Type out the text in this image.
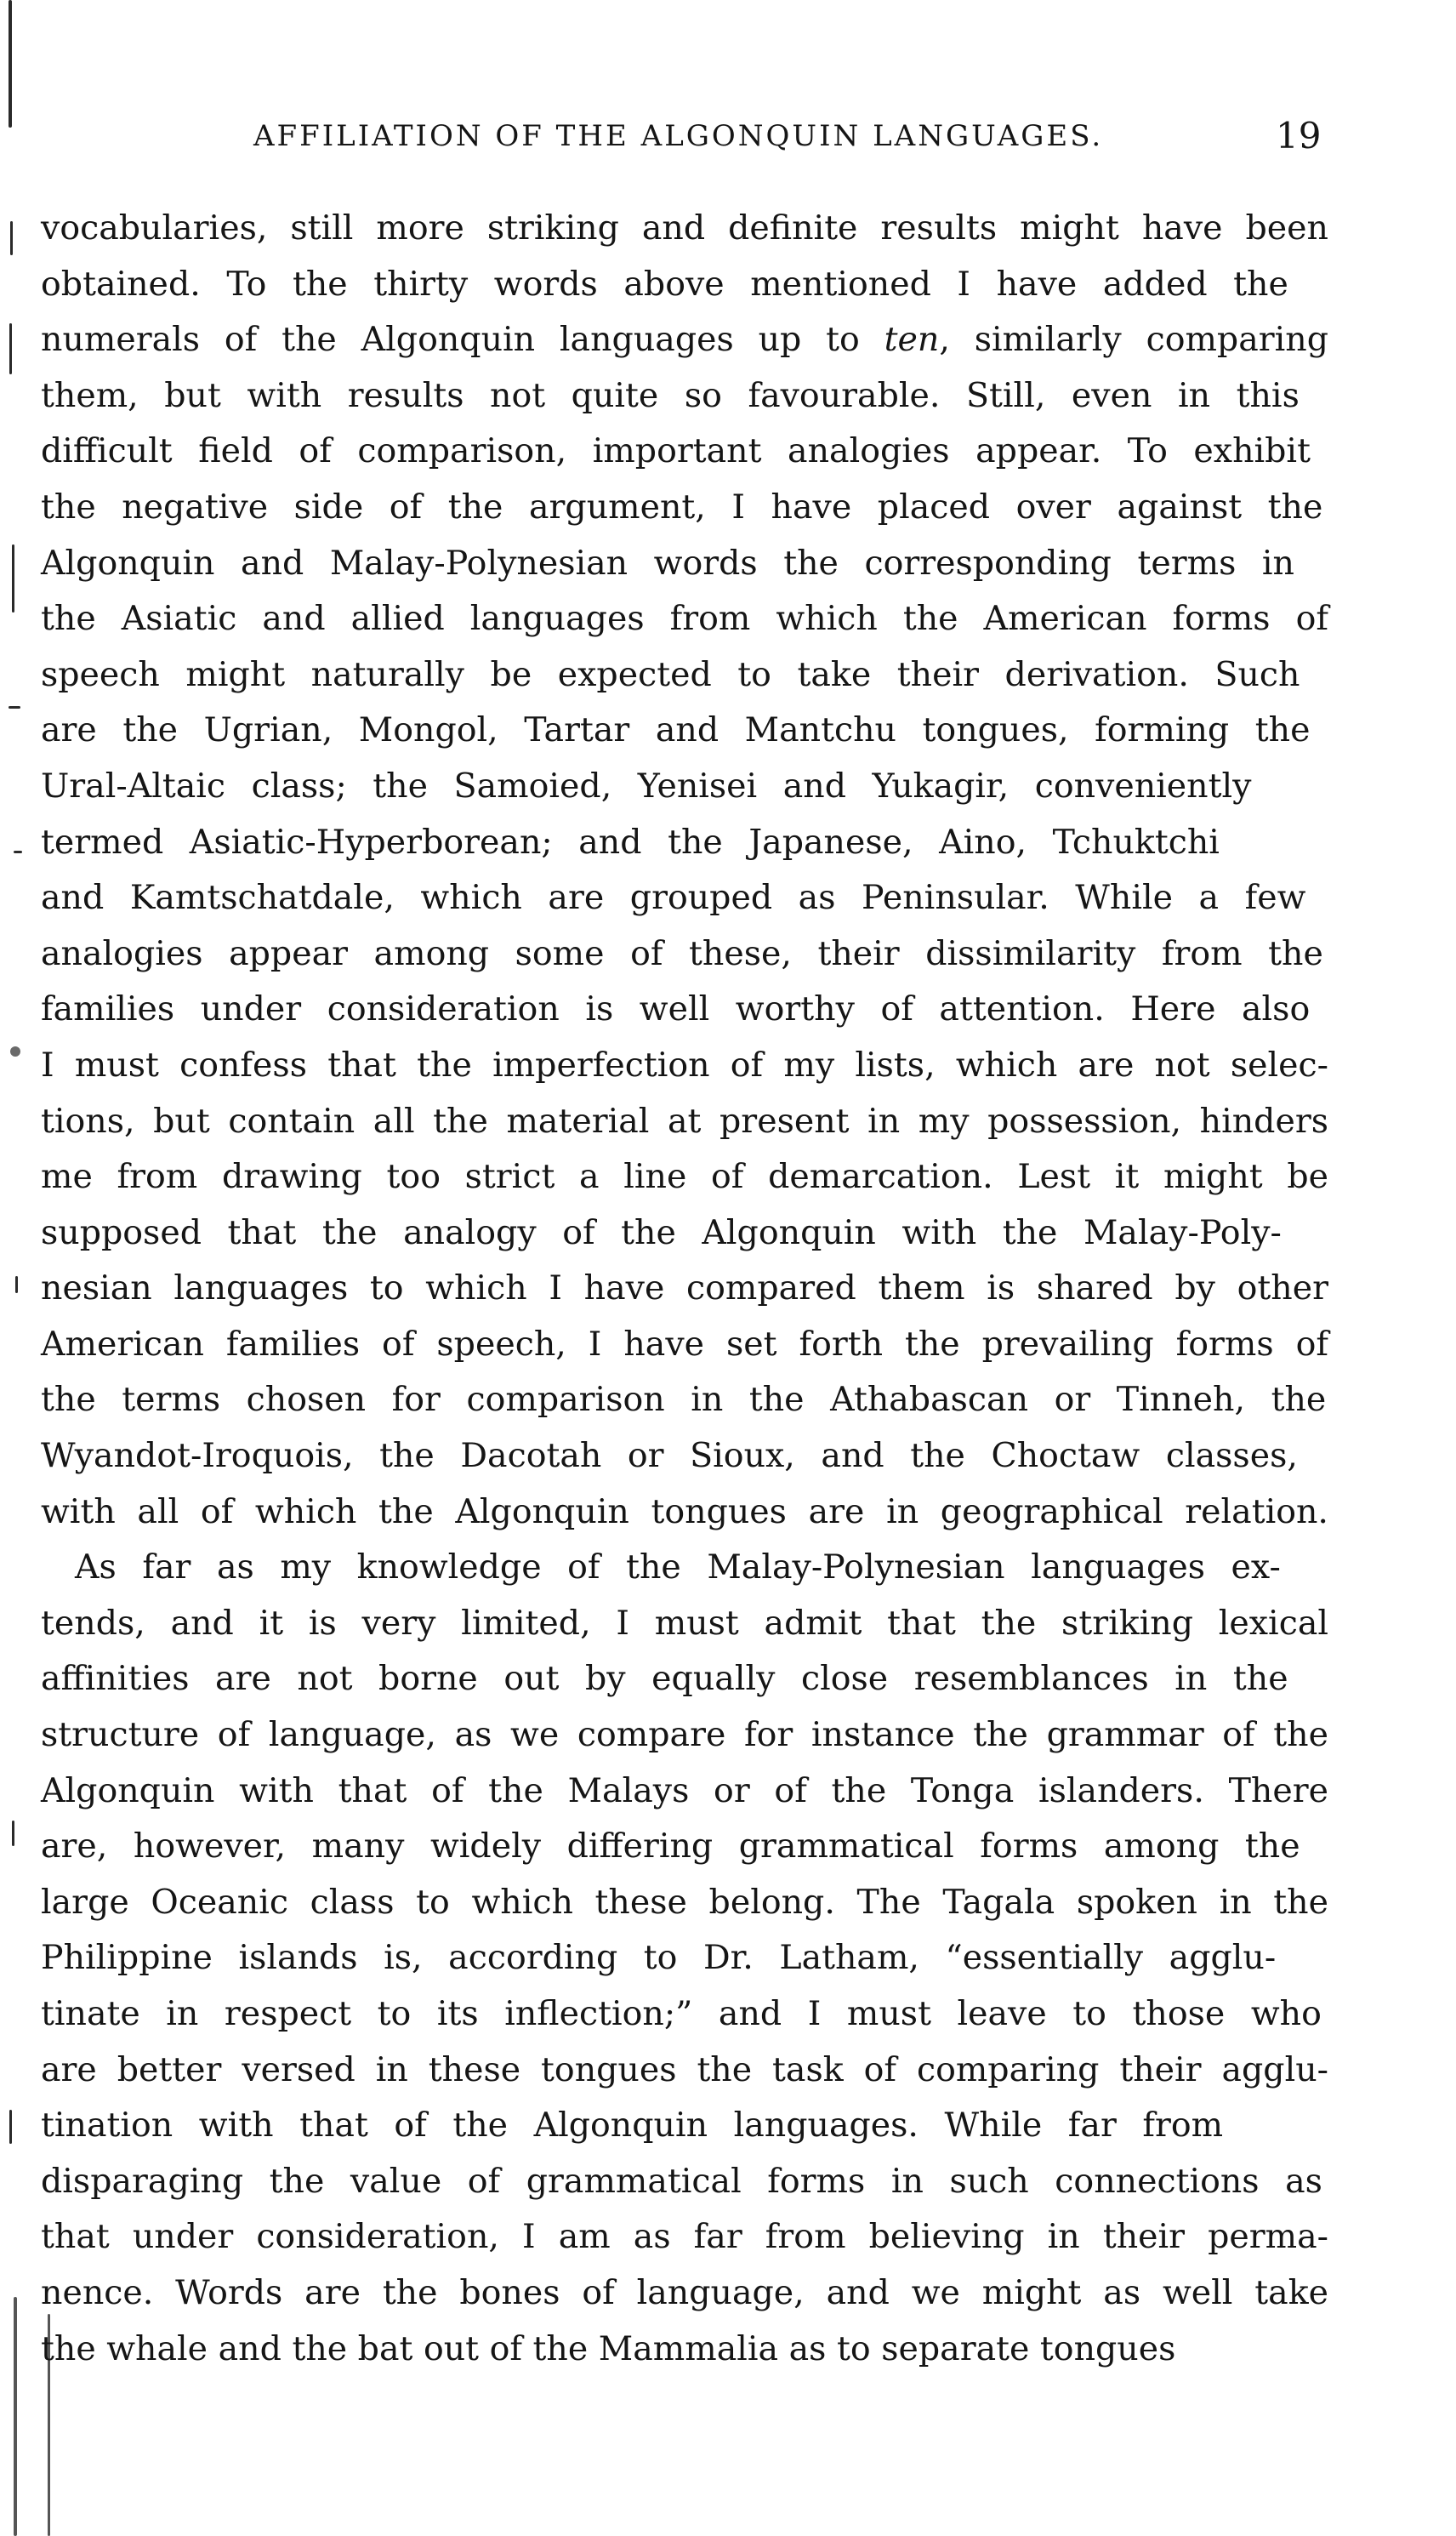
AFFILIATION OF THE ALGONQUIN LANGUAGES.	19
vocabularies, still more striking and definite results might have been
obtained. To the thirty words above mentioned I have added the
numerals of the Algonquin languages up to ten, similarly comparing
them, but with results not quite so favourable. Still, even in this
difficult field of comparison, important analogies appear. To exhibit
the negative side of the argument, I have placed over against the
Algonquin and Malay-Polynesian words the corresponding terms in
the Asiatic and allied languages from which the American forms of
speech might naturally be expected to take their derivation. Such
are the Ugrian, Mongol, Tartar and Mantchu tongues, forming the
Ural-Altaic class; the Samoied, Yenisei and Yukagir, conveniently
termed Asiatic-Hyperborean; and the Japanese, Aino, Tchuktchi
and Kamtschatdale, which are grouped as Peninsular. While a few
analogies appear among some of these, their dissimilarity from the
families under consideration is well worthy of attention. Here also
I must confess that the imperfection of my lists, which are not selec-
tions, but contain all the material at present in my possession, hinders
me from drawing too strict a line of demarcation. Lest it might be
supposed that the analogy of the Algonquin with the Malay-Poly-
nesian languages to which I have compared them is shared by other
American families of speech, I have set forth the prevailing forms of
the terms chosen for comparison in the Athabascan or Tinneh, the
Wyandot-Iroquois, the Dacotah or Sioux, and the Choctaw classes,
with all of which the Algonquin tongues are in geographical relation.
As far as my knowledge of the Malay-Polynesian languages ex-
tends, and it is very limited, I must admit that the striking lexical
affinities are not borne out by equally close resemblances in the
structure of language, as we compare for instance the grammar of the
Algonquin with that of the Malays or of the Tonga islanders. There
are, however, many widely differing grammatical forms among the
large Oceanic class to which these belong. The Tagala spoken in the
Philippine islands is, according to Dr. Latham, “essentially agglu-
tinate in respect to its inflection;” and I must leave to those who
are better versed in these tongues the task of comparing their agglu-
tination with that of the Algonquin languages. While far from
disparaging the value of grammatical forms in such connections as
that under consideration, I am as far from believing in their perma-
nence. Words are the bones of language, and we might as well take
the whale and the bat out of the Mammalia as to separate tongues
